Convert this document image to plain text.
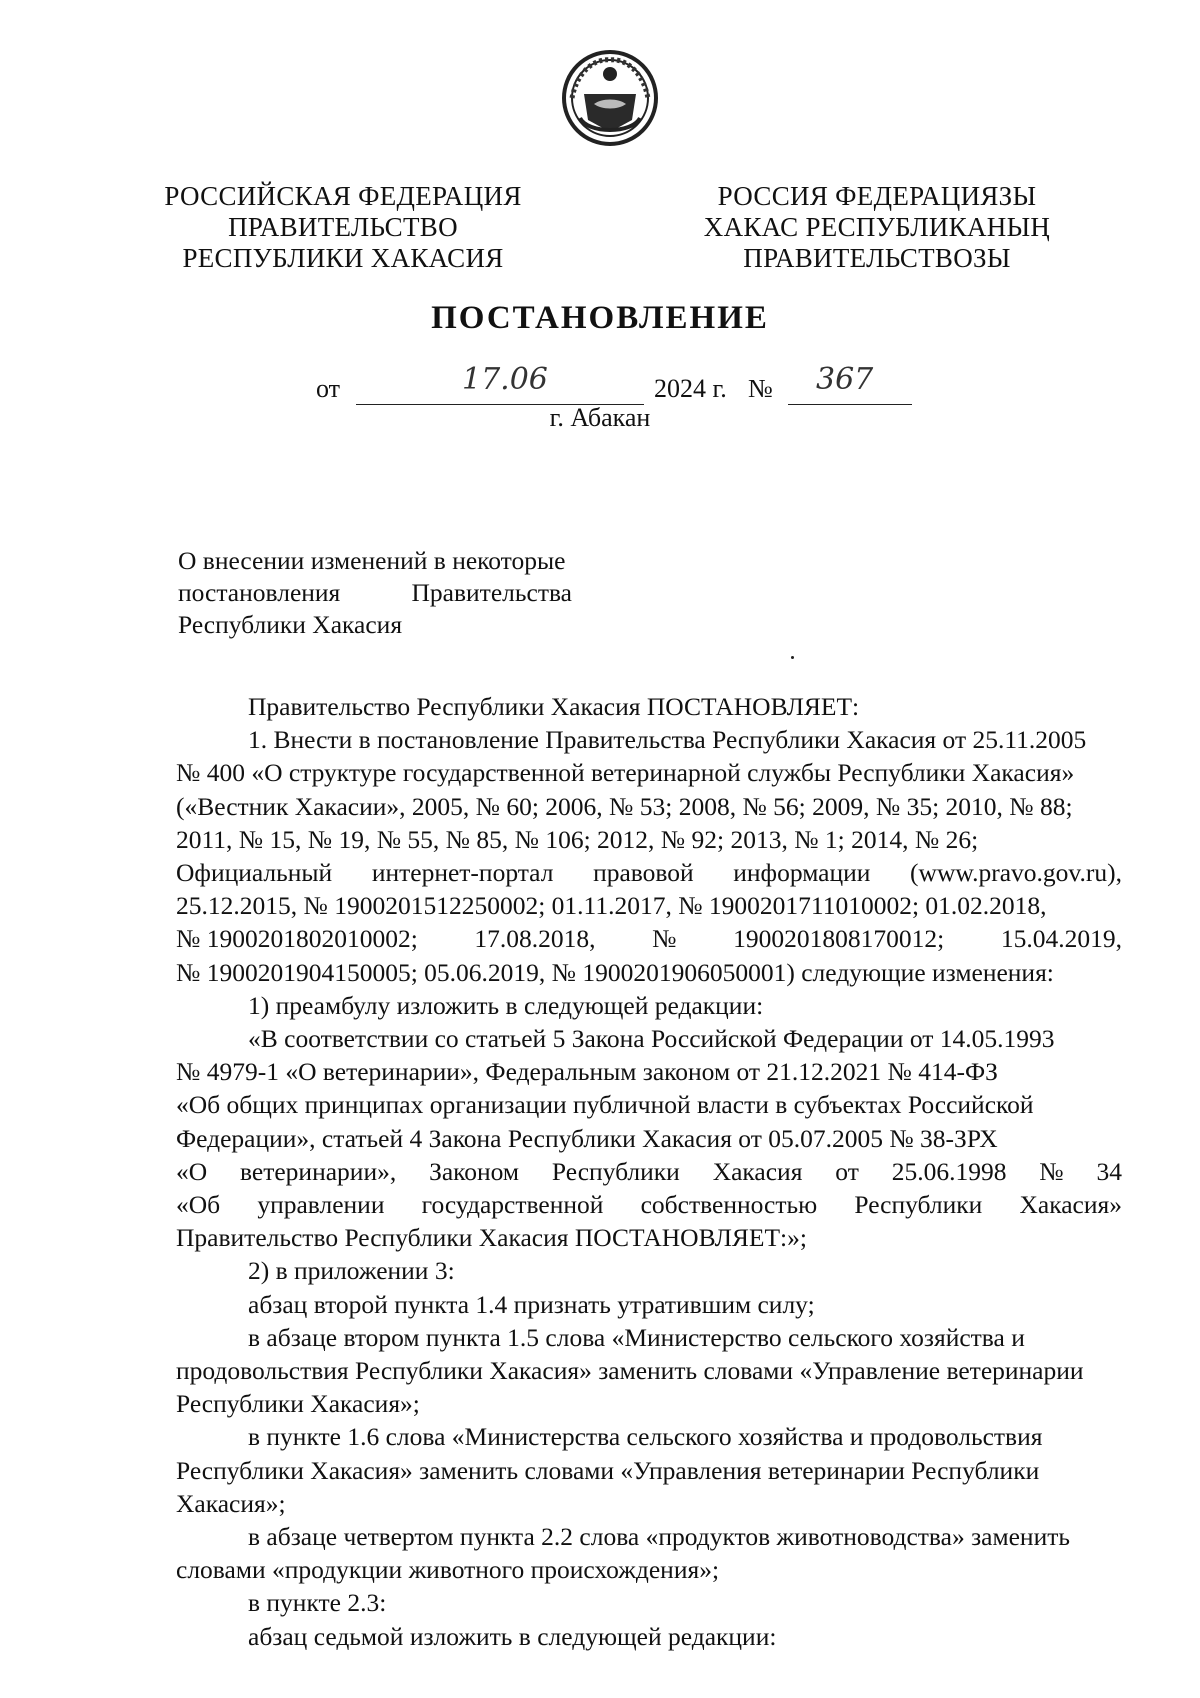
РОССИЙСКАЯ ФЕДЕРАЦИЯ
ПРАВИТЕЛЬСТВО
РЕСПУБЛИКИ ХАКАСИЯ
РОССИЯ ФЕДЕРАЦИЯЗЫ
ХАКАС РЕСПУБЛИКАНЫҢ
ПРАВИТЕЛЬСТВОЗЫ
ПОСТАНОВЛЕНИЕ
от	17.06	2024 г. № 367
г. Абакан
О внесении изменений в некоторые
постановления	Правительства
Республики Хакасия

Правительство Республики Хакасия ПОСТАНОВЛЯЕТ:

1. Внести в постановление Правительства Республики Хакасия от 25.11.2005

№ 400 «О структуре государственной ветеринарной службы Республики Хакасия»

(«Вестник Хакасии», 2005, № 60; 2006, № 53; 2008, № 56; 2009, № 35; 2010, № 88;

2011, № 15, № 19, № 55, № 85, № 106; 2012, № 92; 2013, № 1; 2014, № 26;

Официальный интернет-портал правовой информации (www.pravo.gov.ru),

25.12.2015, № 1900201512250002; 01.11.2017, № 1900201711010002; 01.02.2018,

№ 1900201802010002; 17.08.2018, № 1900201808170012; 15.04.2019,

№ 1900201904150005; 05.06.2019, № 1900201906050001) следующие изменения:

1) преамбулу изложить в следующей редакции:

«В соответствии со статьей 5 Закона Российской Федерации от 14.05.1993

№ 4979-1 «О ветеринарии», Федеральным законом от 21.12.2021 № 414-ФЗ

«Об общих принципах организации публичной власти в субъектах Российской

Федерации», статьей 4 Закона Республики Хакасия от 05.07.2005 № 38-ЗРХ

«О ветеринарии», Законом Республики Хакасия от 25.06.1998 № 34

«Об управлении государственной собственностью Республики Хакасия»

Правительство Республики Хакасия ПОСТАНОВЛЯЕТ:»;

2) в приложении 3:

абзац второй пункта 1.4 признать утратившим силу;

в абзаце втором пункта 1.5 слова «Министерство сельского хозяйства и

продовольствия Республики Хакасия» заменить словами «Управление ветеринарии

Республики Хакасия»;

в пункте 1.6 слова «Министерства сельского хозяйства и продовольствия

Республики Хакасия» заменить словами «Управления ветеринарии Республики

Хакасия»;

в абзаце четвертом пункта 2.2 слова «продуктов животноводства» заменить

словами «продукции животного происхождения»;

в пункте 2.3:

абзац седьмой изложить в следующей редакции:
